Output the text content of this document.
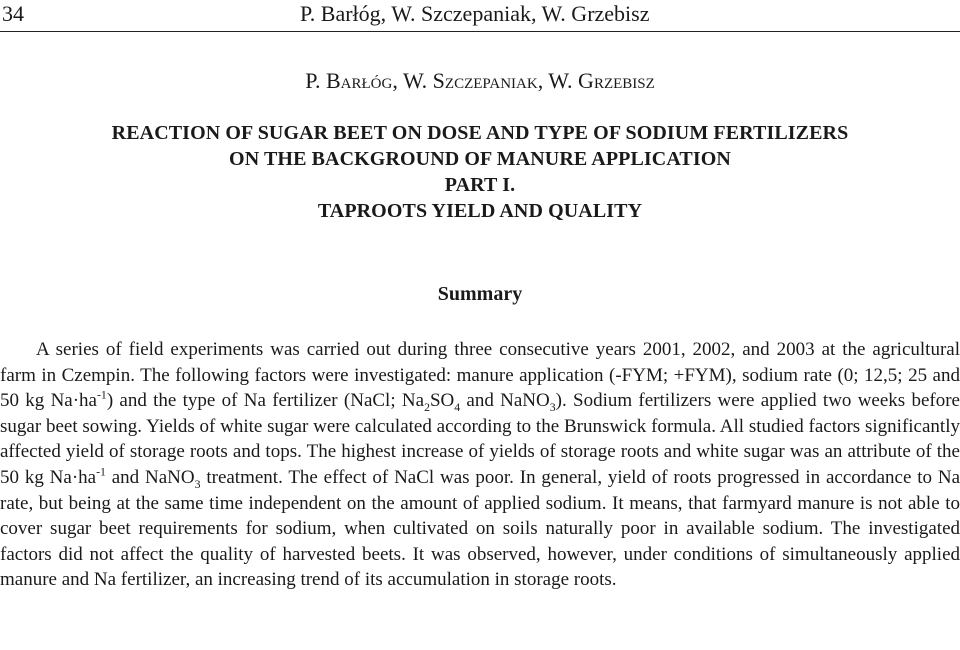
34	P. Barłóg, W. Szczepaniak, W. Grzebisz
P. Barłóg, W. Szczepaniak, W. Grzebisz
REACTION OF SUGAR BEET ON DOSE AND TYPE OF SODIUM FERTILIZERS
ON THE BACKGROUND OF MANURE APPLICATION
PART I.
TAPROOTS YIELD AND QUALITY
Summary

A series of field experiments was carried out during three consecutive years 2001, 2002, and 2003 at the agricultural farm in Czempin. The following factors were investigated: manure application (-FYM; +FYM), sodium rate (0; 12,5; 25 and 50 kg $Na\cdot ha^{-1}$) and the type of Na fertilizer (NaCl; $Na_2SO_4$ and NaNO$_3$). Sodium fertilizers were applied two weeks before sugar beet sowing. Yields of white sugar were calculated according to the Brunswick formula. All studied factors significantly affected yield of storage roots and tops. The highest increase of yields of storage roots and white sugar was an attribute of the 50 kg $Na\cdot ha^{-1}$ and NaNO$_3$ treatment. The effect of NaCl was poor. In general, yield of roots progressed in accordance to Na rate, but being at the same time independent on the amount of applied sodium. It means, that farmyard manure is not able to cover sugar beet requirements for sodium, when cultivated on soils naturally poor in available sodium. The investigated factors did not affect the quality of harvested beets. It was observed, however, under conditions of simultaneously applied manure and Na fertilizer, an increasing trend of its accumulation in storage roots.
